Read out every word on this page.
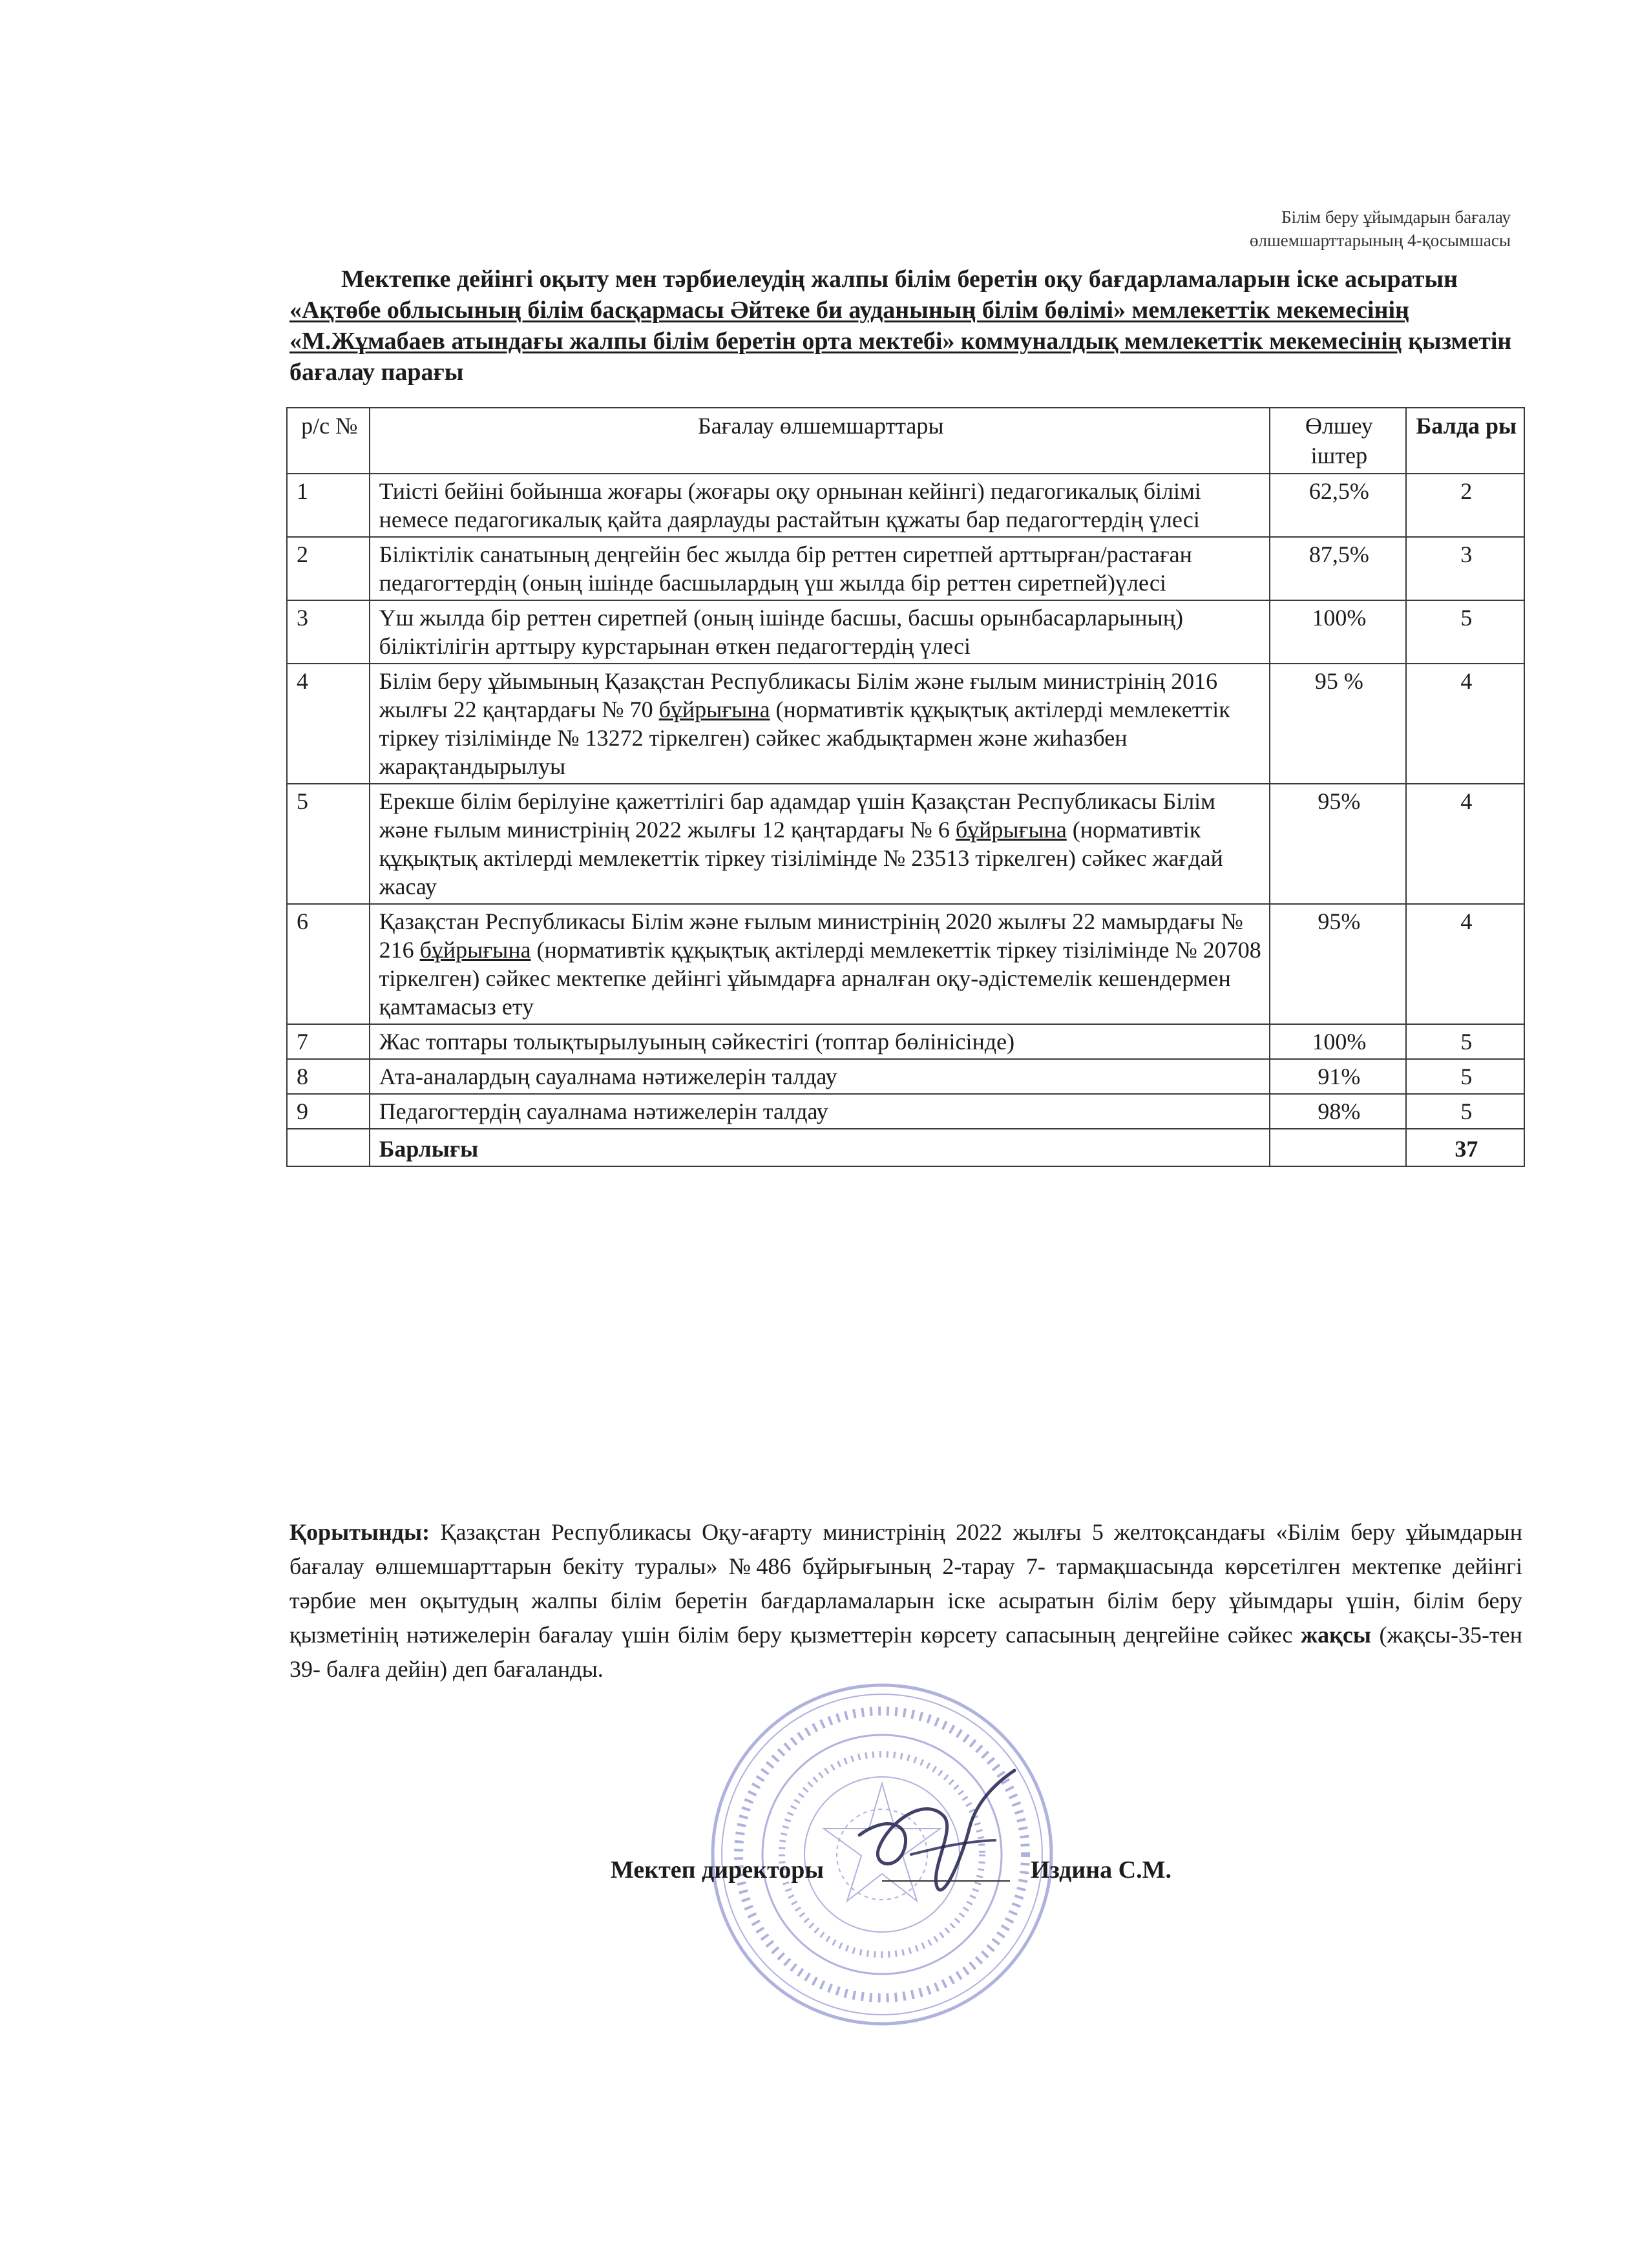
Білім беру ұйымдарын бағалау
өлшемшарттарының 4-қосымшасы
Мектепке дейінгі оқыту мен тәрбиелеудің жалпы білім беретін оқу бағдарламаларын іске асыратын «Ақтөбе облысының білім басқармасы Әйтеке би ауданының білім бөлімі» мемлекеттік мекемесінің «М.Жұмабаев атындағы жалпы білім беретін орта мектебі» коммуналдық мемлекеттік мекемесінің қызметін бағалау парағы
р/с №	Бағалау өлшемшарттары	Өлшеу іштер	Балда ры
1	Тиісті бейіні бойынша жоғары (жоғары оқу орнынан кейінгі) педагогикалық білімі немесе педагогикалық қайта даярлауды растайтын құжаты бар педагогтердің үлесі	62,5%	2
2	Біліктілік санатының деңгейін бес жылда бір реттен сиретпей арттырған/растаған педагогтердің (оның ішінде басшылардың үш жылда бір реттен сиретпей)үлесі	87,5%	3
3	Үш жылда бір реттен сиретпей (оның ішінде басшы, басшы орынбасарларының) біліктілігін арттыру курстарынан өткен педагогтердің үлесі	100%	5
4	Білім беру ұйымының Қазақстан Республикасы Білім және ғылым министрінің 2016 жылғы 22 қаңтардағы № 70 бұйрығына (нормативтік құқықтық актілерді мемлекеттік тіркеу тізілімінде № 13272 тіркелген) сәйкес жабдықтармен және жиһазбен жарақтандырылуы	95 %	4
5	Ерекше білім берілуіне қажеттілігі бар адамдар үшін Қазақстан Республикасы Білім және ғылым министрінің 2022 жылғы 12 қаңтардағы № 6 бұйрығына (нормативтік құқықтық актілерді мемлекеттік тіркеу тізілімінде № 23513 тіркелген) сәйкес жағдай жасау	95%	4
6	Қазақстан Республикасы Білім және ғылым министрінің 2020 жылғы 22 мамырдағы № 216 бұйрығына (нормативтік құқықтық актілерді мемлекеттік тіркеу тізілімінде № 20708 тіркелген) сәйкес мектепке дейінгі ұйымдарға арналған оқу-әдістемелік кешендермен қамтамасыз ету	95%	4
7	Жас топтары толықтырылуының сәйкестігі (топтар бөлінісінде)	100%	5
8	Ата-аналардың сауалнама нәтижелерін талдау	91%	5
9	Педагогтердің сауалнама нәтижелерін талдау	98%	5
	Барлығы		37
Қорытынды: Қазақстан Республикасы Оқу-ағарту министрінің 2022 жылғы 5 желтоқсандағы «Білім беру ұйымдарын бағалау өлшемшарттарын бекіту туралы» №486 бұйрығының 2-тарау 7- тармақшасында көрсетілген мектепке дейінгі тәрбие мен оқытудың жалпы білім беретін бағдарламаларын іске асыратын білім беру ұйымдары үшін, білім беру қызметінің нәтижелерін бағалау үшін білім беру қызметтерін көрсету сапасының деңгейіне сәйкес жақсы (жақсы-35-тен 39- балға дейін) деп бағаланды.
Мектеп директоры	Издина С.М.
